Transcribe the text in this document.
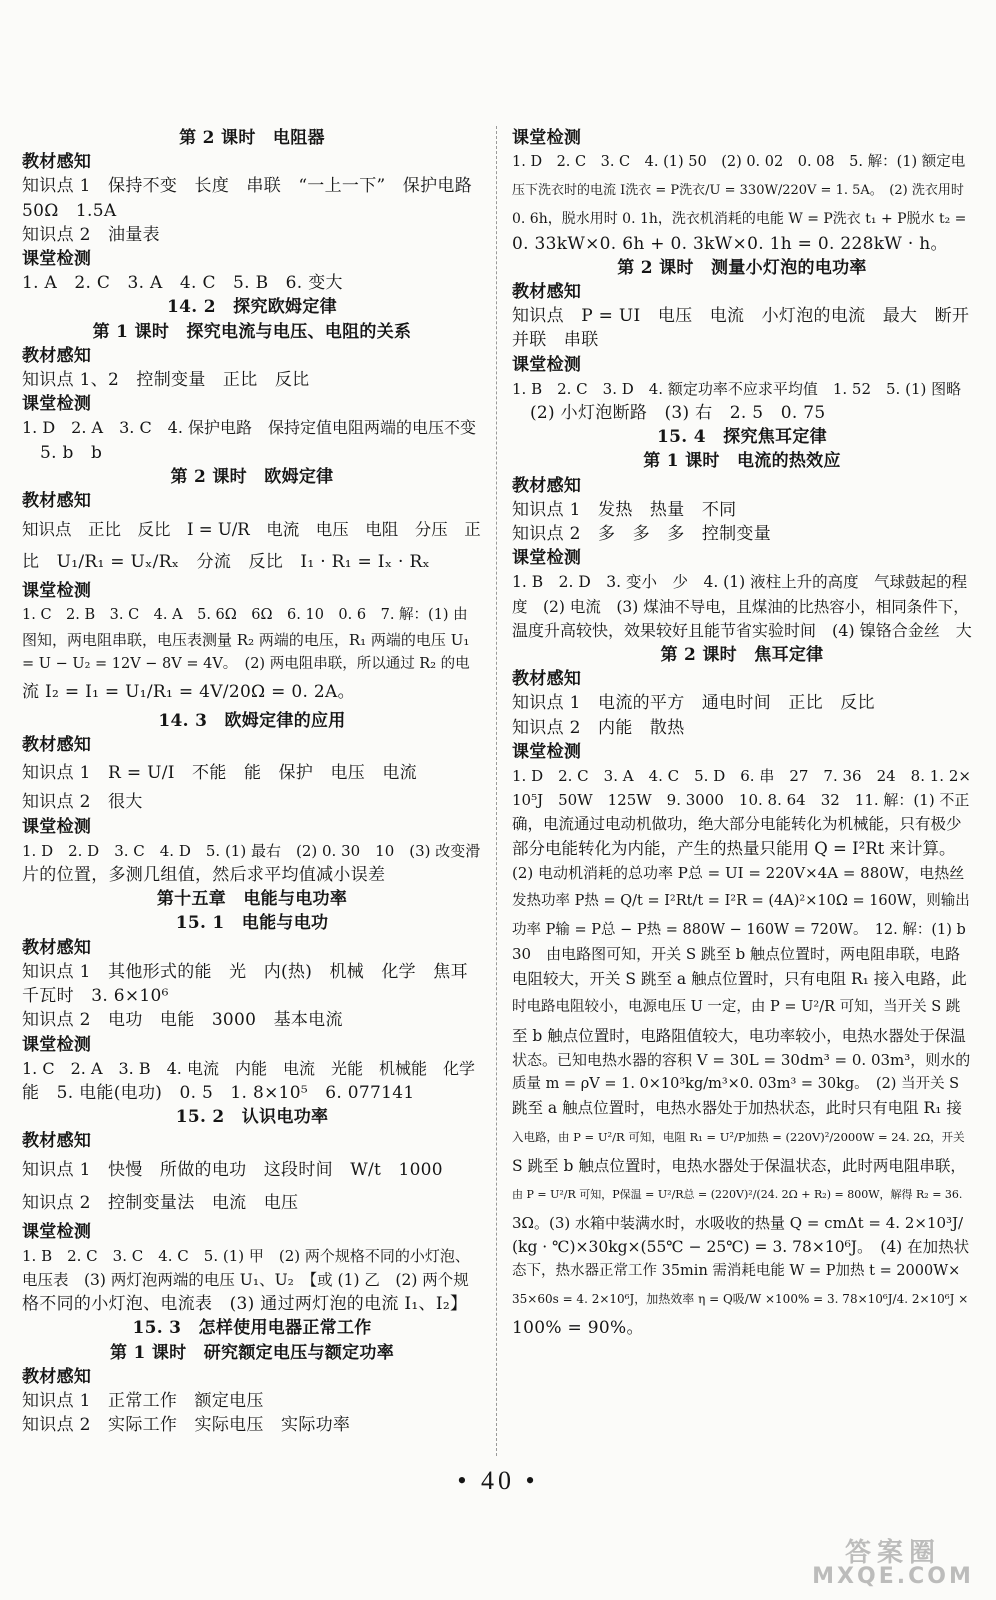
第 2 课时　电阻器
教材感知
知识点 1　保持不变　长度　串联　“一上一下”　保护电路
50Ω　1.5A
知识点 2　油量表
课堂检测
1. A　2. C　3. A　4. C　5. B　6. 变大
14. 2　探究欧姆定律
第 1 课时　探究电流与电压、电阻的关系
教材感知
知识点 1、2　控制变量　正比　反比
课堂检测
1. D　2. A　3. C　4. 保护电路　保持定值电阻两端的电压不变
5. b　b
第 2 课时　欧姆定律
教材感知
知识点　正比　反比　I = U/R　电流　电压　电阻　分压　正
比　U₁/R₁ = Uₓ/Rₓ　分流　反比　I₁ · R₁ = Iₓ · Rₓ
课堂检测
1. C　2. B　3. C　4. A　5. 6Ω　6Ω　6. 10　0. 6　7. 解：(1) 由
图知，两电阻串联，电压表测量 R₂ 两端的电压，R₁ 两端的电压 U₁
= U − U₂ = 12V − 8V = 4V。　(2) 两电阻串联，所以通过 R₂ 的电
流 I₂ = I₁ = U₁/R₁ = 4V/20Ω = 0. 2A。
14. 3　欧姆定律的应用
教材感知
知识点 1　R = U/I　不能　能　保护　电压　电流
知识点 2　很大
课堂检测
1. D　2. D　3. C　4. D　5. (1) 最右　(2) 0. 30　10　(3) 改变滑
片的位置，多测几组值，然后求平均值减小误差
第十五章　电能与电功率
15. 1　电能与电功
教材感知
知识点 1　其他形式的能　光　内(热)　机械　化学　焦耳
千瓦时　3. 6×10⁶
知识点 2　电功　电能　3000　基本电流
课堂检测
1. C　2. A　3. B　4. 电流　内能　电流　光能　机械能　化学
能　5. 电能(电功)　0. 5　1. 8×10⁵　6. 077141
15. 2　认识电功率
教材感知
知识点 1　快慢　所做的电功　这段时间　W/t　1000
知识点 2　控制变量法　电流　电压
课堂检测
1. B　2. C　3. C　4. C　5. (1) 甲　(2) 两个规格不同的小灯泡、
电压表　(3) 两灯泡两端的电压 U₁、U₂　【或 (1) 乙　(2) 两个规
格不同的小灯泡、电流表　(3) 通过两灯泡的电流 I₁、I₂】
15. 3　怎样使用电器正常工作
第 1 课时　研究额定电压与额定功率
教材感知
知识点 1　正常工作　额定电压
知识点 2　实际工作　实际电压　实际功率
课堂检测
1. D　2. C　3. C　4. (1) 50　(2) 0. 02　0. 08　5. 解：(1) 额定电
压下洗衣时的电流 I洗衣 = P洗衣/U = 330W/220V = 1. 5A。　(2) 洗衣用时
0. 6h，脱水用时 0. 1h，洗衣机消耗的电能 W = P洗衣 t₁ + P脱水 t₂ =
0. 33kW×0. 6h + 0. 3kW×0. 1h = 0. 228kW · h。
第 2 课时　测量小灯泡的电功率
教材感知
知识点　P = UI　电压　电流　小灯泡的电流　最大　断开
并联　串联
课堂检测
1. B　2. C　3. D　4. 额定功率不应求平均值　1. 52　5. (1) 图略
(2) 小灯泡断路　(3) 右　2. 5　0. 75
15. 4　探究焦耳定律
第 1 课时　电流的热效应
教材感知
知识点 1　发热　热量　不同
知识点 2　多　多　多　控制变量
课堂检测
1. B　2. D　3. 变小　少　4. (1) 液柱上升的高度　气球鼓起的程
度　(2) 电流　(3) 煤油不导电，且煤油的比热容小，相同条件下，
温度升高较快，效果较好且能节省实验时间　(4) 镍铬合金丝　大
第 2 课时　焦耳定律
教材感知
知识点 1　电流的平方　通电时间　正比　反比
知识点 2　内能　散热
课堂检测
1. D　2. C　3. A　4. C　5. D　6. 串　27　7. 36　24　8. 1. 2×
10⁵J　50W　125W　9. 3000　10. 8. 64　32　11. 解：(1) 不正
确，电流通过电动机做功，绝大部分电能转化为机械能，只有极少
部分电能转化为内能，产生的热量只能用 Q = I²Rt 来计算。
(2) 电动机消耗的总功率 P总 = UI = 220V×4A = 880W，电热丝
发热功率 P热 = Q/t = I²Rt/t = I²R = (4A)²×10Ω = 160W，则输出
功率 P输 = P总 − P热 = 880W − 160W = 720W。　12. 解：(1) b
30　由电路图可知，开关 S 跳至 b 触点位置时，两电阻串联，电路
电阻较大，开关 S 跳至 a 触点位置时，只有电阻 R₁ 接入电路，此
时电路电阻较小，电源电压 U 一定，由 P = U²/R 可知，当开关 S 跳
至 b 触点位置时，电路阻值较大，电功率较小，电热水器处于保温
状态。已知电热水器的容积 V = 30L = 30dm³ = 0. 03m³，则水的
质量 m = ρV = 1. 0×10³kg/m³×0. 03m³ = 30kg。　(2) 当开关 S
跳至 a 触点位置时，电热水器处于加热状态，此时只有电阻 R₁ 接
入电路，由 P = U²/R 可知，电阻 R₁ = U²/P加热 = (220V)²/2000W = 24. 2Ω，开关
S 跳至 b 触点位置时，电热水器处于保温状态，此时两电阻串联，
由 P = U²/R 可知，P保温 = U²/R总 = (220V)²/(24. 2Ω + R₂) = 800W，解得 R₂ = 36.
3Ω。(3) 水箱中装满水时，水吸收的热量 Q = cmΔt = 4. 2×10³J/
(kg · ℃)×30kg×(55℃ − 25℃) = 3. 78×10⁶J。　(4) 在加热状
态下，热水器正常工作 35min 需消耗电能 W = P加热 t = 2000W×
35×60s = 4. 2×10⁶J，加热效率 η = Q吸/W ×100% = 3. 78×10⁶J/4. 2×10⁶J ×
100% = 90%。
• 40 •
答案圈
MXQE.COM
